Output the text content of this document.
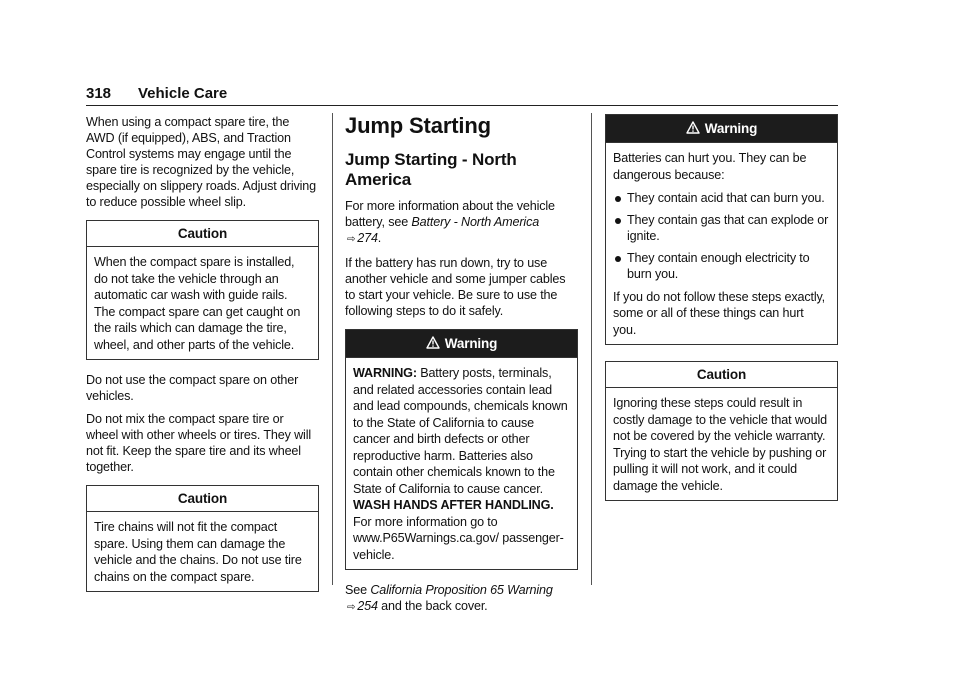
318 Vehicle Care

When using a compact spare tire, the AWD (if equipped), ABS, and Traction Control systems may engage until the spare tire is recognized by the vehicle, especially on slippery roads. Adjust driving to reduce possible wheel slip.

Caution

When the compact spare is installed, do not take the vehicle through an automatic car wash with guide rails. The compact spare can get caught on the rails which can damage the tire, wheel, and other parts of the vehicle.

Do not use the compact spare on other vehicles.

Do not mix the compact spare tire or wheel with other wheels or tires. They will not fit. Keep the spare tire and its wheel together.

Caution

Tire chains will not fit the compact spare. Using them can damage the vehicle and the chains. Do not use tire chains on the compact spare.

Jump Starting
Jump Starting - North America

For more information about the vehicle battery, see Battery - North America ⇨ 274.

If the battery has run down, try to use another vehicle and some jumper cables to start your vehicle. Be sure to use the following steps to do it safely.

Warning

WARNING: Battery posts, terminals, and related accessories contain lead and lead compounds, chemicals known to the State of California to cause cancer and birth defects or other reproductive harm. Batteries also contain other chemicals known to the State of California to cause cancer. WASH HANDS AFTER HANDLING. For more information go to www.P65Warnings.ca.gov/ passenger-vehicle.

See California Proposition 65 Warning ⇨ 254 and the back cover.

Warning

Batteries can hurt you. They can be dangerous because:

They contain acid that can burn you.
They contain gas that can explode or ignite.
They contain enough electricity to burn you.

If you do not follow these steps exactly, some or all of these things can hurt you.

Caution

Ignoring these steps could result in costly damage to the vehicle that would not be covered by the vehicle warranty. Trying to start the vehicle by pushing or pulling it will not work, and it could damage the vehicle.
